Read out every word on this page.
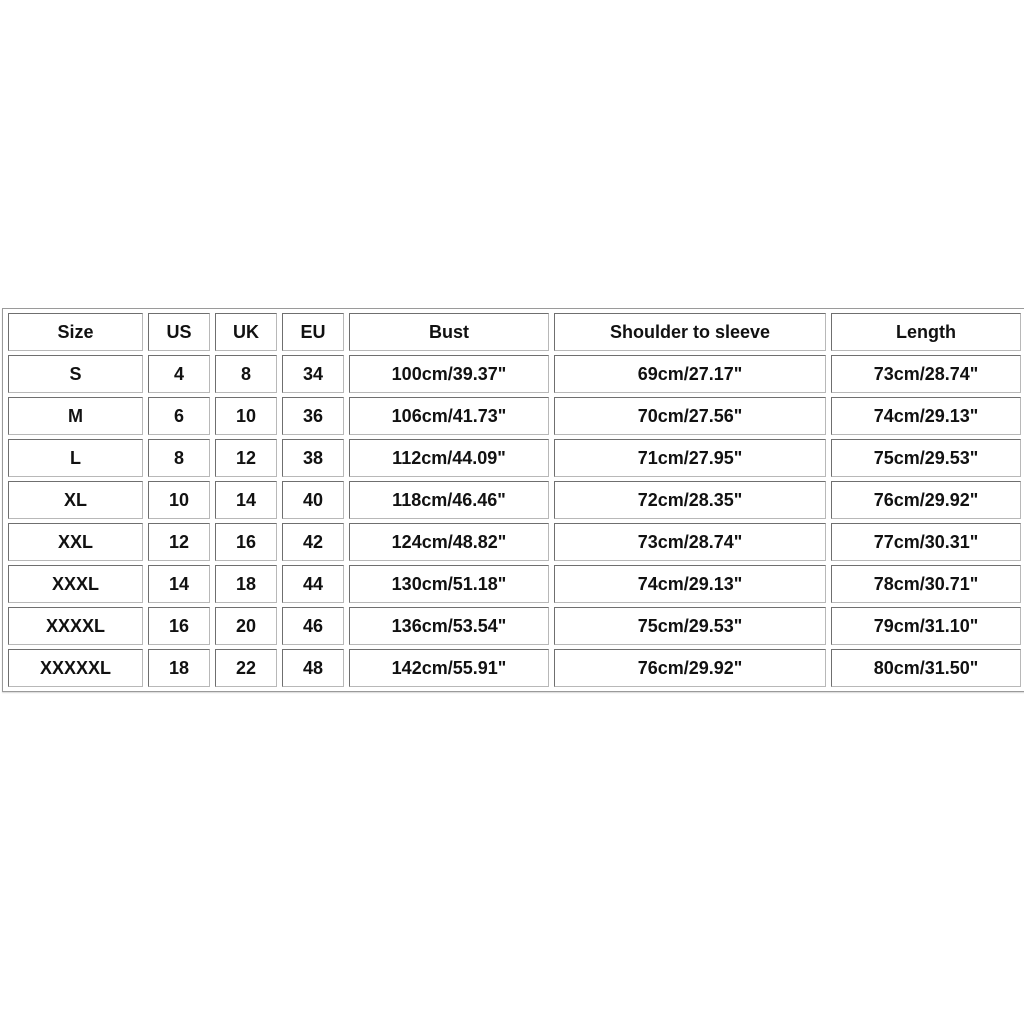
Size	US	UK	EU	Bust	Shoulder to sleeve	Length
S	4	8	34	100cm/39.37"	69cm/27.17"	73cm/28.74"
M	6	10	36	106cm/41.73"	70cm/27.56"	74cm/29.13"
L	8	12	38	112cm/44.09"	71cm/27.95"	75cm/29.53"
XL	10	14	40	118cm/46.46"	72cm/28.35"	76cm/29.92"
XXL	12	16	42	124cm/48.82"	73cm/28.74"	77cm/30.31"
XXXL	14	18	44	130cm/51.18"	74cm/29.13"	78cm/30.71"
XXXXL	16	20	46	136cm/53.54"	75cm/29.53"	79cm/31.10"
XXXXXL	18	22	48	142cm/55.91"	76cm/29.92"	80cm/31.50"
